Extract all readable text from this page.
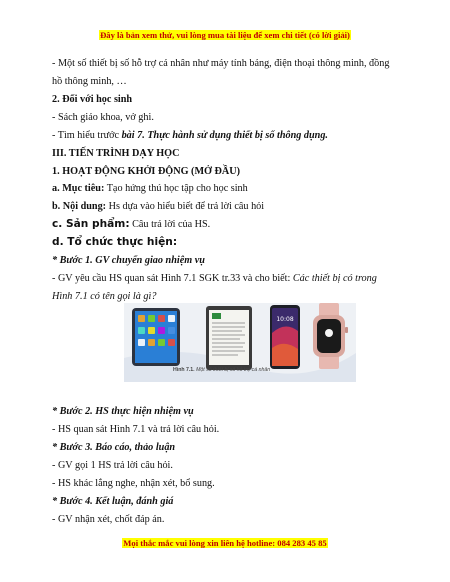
Đây là bản xem thử, vui lòng mua tài liệu để xem chi tiết (có lời giải)
- Một số thiết bị số hỗ trợ cá nhân như máy tính bảng, điện thoại thông minh, đồng
hồ thông minh, …
2. Đối với học sinh
- Sách giáo khoa, vở ghi.
- Tìm hiểu trước bài 7. Thực hành sử dụng thiết bị số thông dụng.
III. TIẾN TRÌNH DẠY HỌC
1. HOẠT ĐỘNG KHỞI ĐỘNG (MỞ ĐẦU)
a. Mục tiêu: Tạo hứng thú học tập cho học sinh
b. Nội dung: Hs dựa vào hiểu biết để trả lời câu hỏi
c. Sản phẩm: Câu trả lời của HS.
d. Tổ chức thực hiện:
* Bước 1. GV chuyển giao nhiệm vụ
- GV yêu cầu HS quan sát Hình 7.1 SGK tr.33 và cho biết: Các thiết bị có trong
Hình 7.1 có tên gọi là gì?
10:08
Hình 7.1. Một số thiết bị số hỗ trợ cá nhân
* Bước 2. HS thực hiện nhiệm vụ
- HS quan sát Hình 7.1 và trả lời câu hỏi.
* Bước 3. Báo cáo, thảo luận
- GV gọi 1 HS trả lời câu hỏi.
- HS khác lắng nghe, nhận xét, bổ sung.
* Bước 4. Kết luận, đánh giá
- GV nhận xét, chốt đáp án.
Mọi thắc mắc vui lòng xin liên hệ hotline: 084 283 45 85
